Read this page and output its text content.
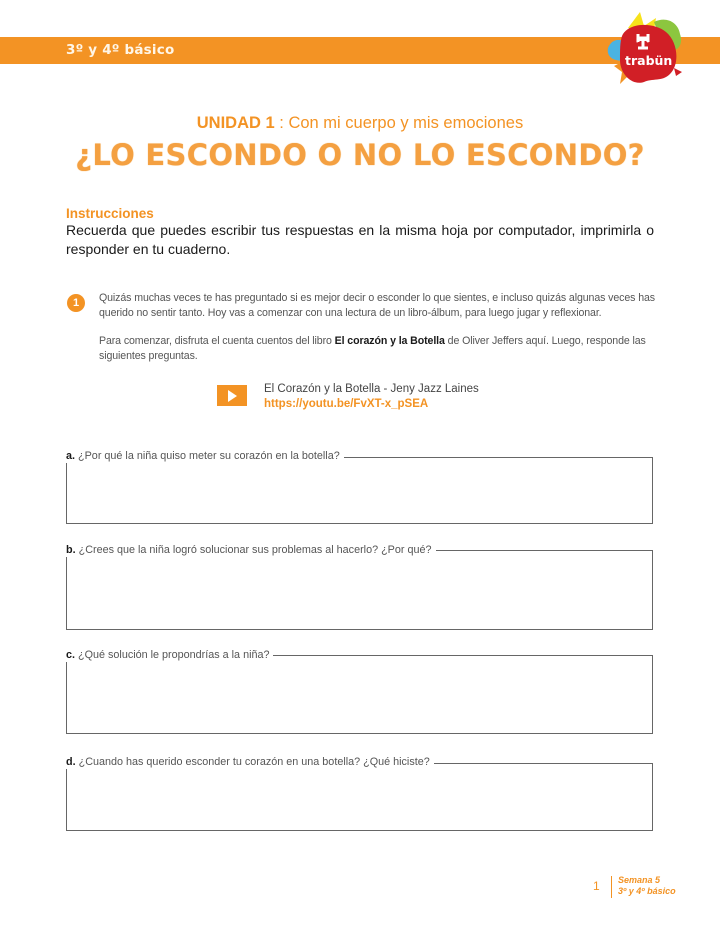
3º y 4º básico	ꟷ
trabün
UNIDAD 1 : Con mi cuerpo y mis emociones
¿LO ESCONDO O NO LO ESCONDO?
Instrucciones
Recuerda que puedes escribir tus respuestas en la misma hoja por computador, imprimirla o responder en tu cuaderno.
1	Quizás muchas veces te has preguntado si es mejor decir o esconder lo que sientes, e incluso quizás algunas veces has querido no sentir tanto. Hoy vas a comenzar con una lectura de un libro-álbum, para luego jugar y reflexionar.
Para comenzar, disfruta el cuenta cuentos del libro El corazón y la Botella de Oliver Jeffers aquí. Luego, responde las siguientes preguntas.
El Corazón y la Botella - Jeny Jazz Laines
https://youtu.be/FvXT-x_pSEA
a. ¿Por qué la niña quiso meter su corazón en la botella?
b. ¿Crees que la niña logró solucionar sus problemas al hacerlo? ¿Por qué?
c. ¿Qué solución le propondrías a la niña?
d. ¿Cuando has querido esconder tu corazón en una botella? ¿Qué hiciste?
1 Semana 5
3º y 4º básico
